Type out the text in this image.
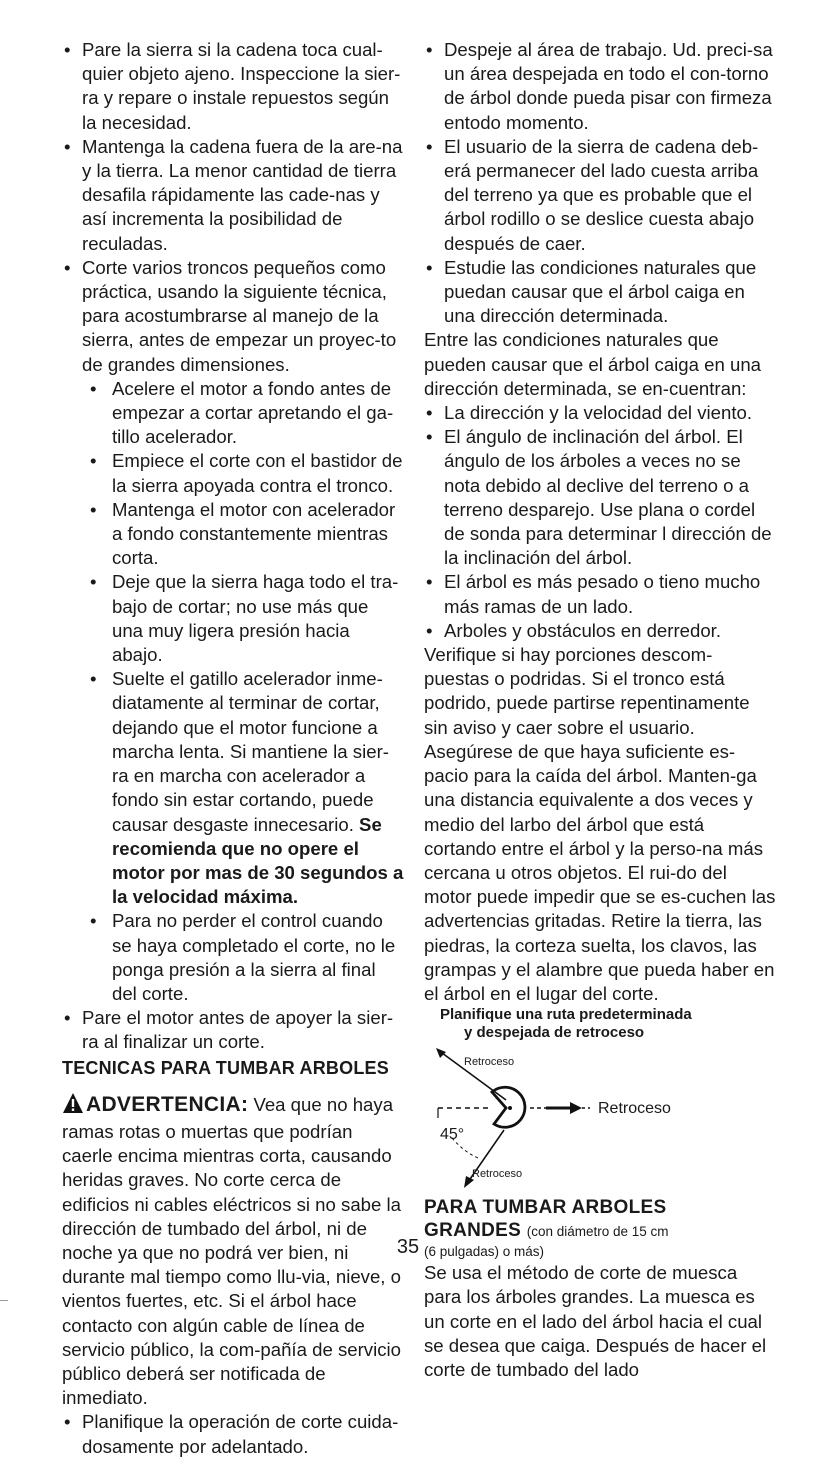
• Pare la sierra si la cadena toca cual-quier objeto ajeno. Inspeccione la sier-ra y repare o instale repuestos según la necesidad.
• Mantenga la cadena fuera de la are-na y la tierra. La menor cantidad de tierra desafila rápidamente las cade-nas y así incrementa la posibilidad de reculadas.
• Corte varios troncos pequeños como práctica, usando la siguiente técnica, para acostumbrarse al manejo de la sierra, antes de empezar un proyec-to de grandes dimensiones.
• Acelere el motor a fondo antes de empezar a cortar apretando el ga-tillo acelerador.
• Empiece el corte con el bastidor de la sierra apoyada contra el tronco.
• Mantenga el motor con acelerador a fondo constantemente mientras corta.
• Deje que la sierra haga todo el tra-bajo de cortar; no use más que una muy ligera presión hacia abajo.
• Suelte el gatillo acelerador inme-diatamente al terminar de cortar, dejando que el motor funcione a marcha lenta. Si mantiene la sier-ra en marcha con acelerador a fondo sin estar cortando, puede causar desgaste innecesario. Se recomienda que no opere el motor por mas de 30 segundos a la velocidad máxima.
• Para no perder el control cuando se haya completado el corte, no le ponga presión a la sierra al final del corte.
• Pare el motor antes de apoyer la sier-ra al finalizar un corte.
TECNICAS PARA TUMBAR ARBOLES
ADVERTENCIA: Vea que no haya ramas rotas o muertas que podrían caerle encima mientras corta, causando heridas graves. No corte cerca de edificios ni cables eléctricos si no sabe la dirección de tumbado del árbol, ni de noche ya que no podrá ver bien, ni durante mal tiempo como llu-via, nieve, o vientos fuertes, etc. Si el árbol hace contacto con algún cable de línea de servicio público, la com-pañía de servicio público deberá ser notificada de inmediato.
• Planifique la operación de corte cuida-dosamente por adelantado.
• Despeje al área de trabajo. Ud. preci-sa un área despejada en todo el con-torno de árbol donde pueda pisar con firmeza entodo momento.
• El usuario de la sierra de cadena deb-erá permanecer del lado cuesta arriba del terreno ya que es probable que el árbol rodillo o se deslice cuesta abajo después de caer.
• Estudie las condiciones naturales que puedan causar que el árbol caiga en una dirección determinada.
Entre las condiciones naturales que pueden causar que el árbol caiga en una dirección determinada, se en-cuentran:
• La dirección y la velocidad del viento.
• El ángulo de inclinación del árbol. El ángulo de los árboles a veces no se nota debido al declive del terreno o a terreno desparejo. Use plana o cordel de sonda para determinar l dirección de la inclinación del árbol.
• El árbol es más pesado o tieno mucho más ramas de un lado.
• Arboles y obstáculos en derredor.
Verifique si hay porciones descom-puestas o podridas. Si el tronco está podrido, puede partirse repentinamente sin aviso y caer sobre el usuario. Asegúrese de que haya suficiente es-pacio para la caída del árbol. Manten-ga una distancia equivalente a dos veces y medio del larbo del árbol que está cortando entre el árbol y la perso-na más cercana u otros objetos. El rui-do del motor puede impedir que se es-cuchen las advertencias gritadas. Retire la tierra, las piedras, la corteza suelta, los clavos, las grampas y el alambre que pueda haber en el árbol en el lugar del corte.
Planifique una ruta predeterminada
y despejada de retroceso
Retroceso
Retroceso
45°
Retroceso
PARA TUMBAR ARBOLES
GRANDES (con diámetro de 15 cm
(6 pulgadas) o más)
Se usa el método de corte de muesca para los árboles grandes. La muesca es un corte en el lado del árbol hacia el cual se desea que caiga. Después de hacer el corte de tumbado del lado
35
